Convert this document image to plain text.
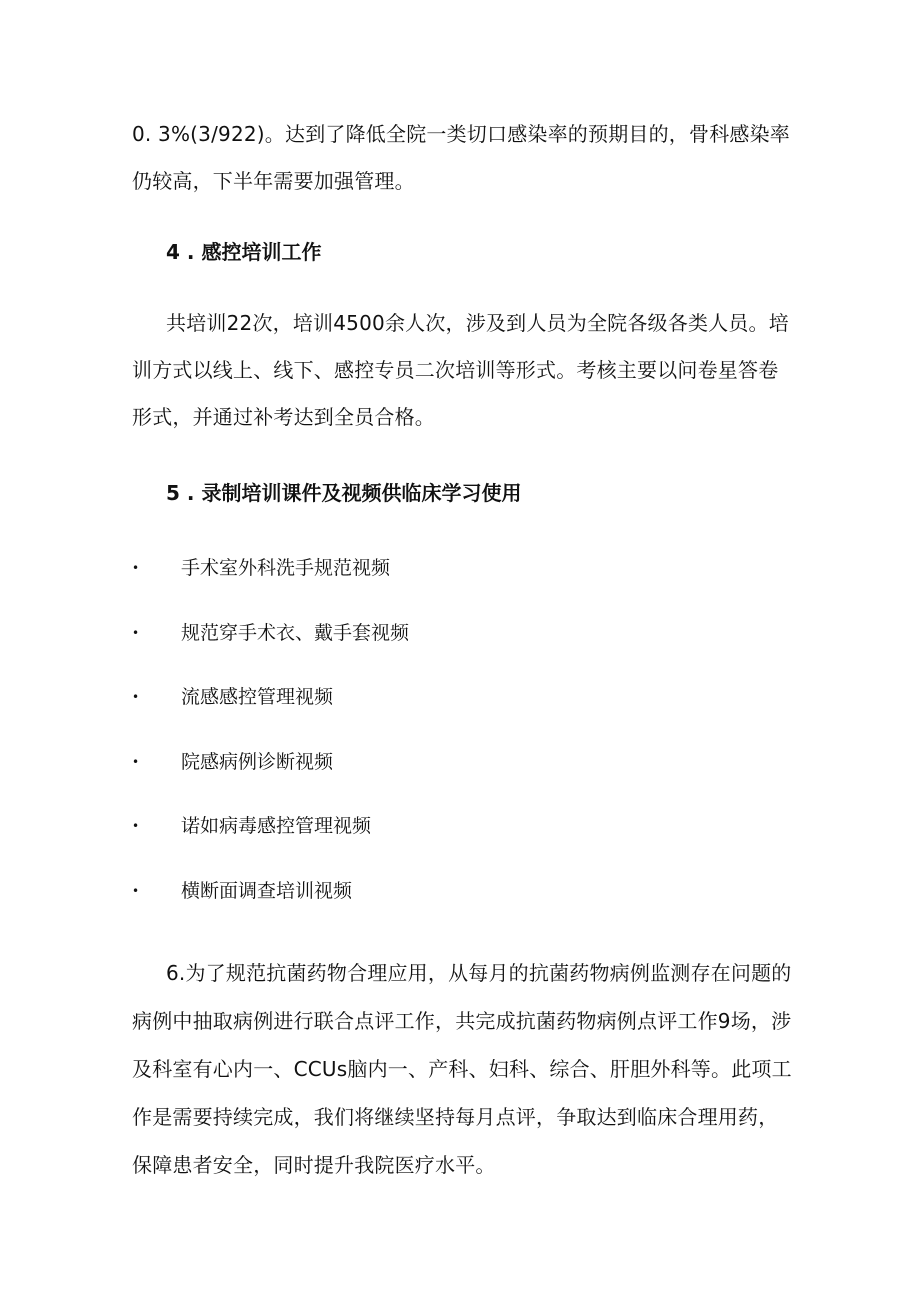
0. 3%(3/922)。达到了降低全院一类切口感染率的预期目的，骨科感染率仍较高，下半年需要加强管理。

4 . 感控培训工作

共培训22次，培训4500余人次，涉及到人员为全院各级各类人员。培训方式以线上、线下、感控专员二次培训等形式。考核主要以问卷星答卷形式，并通过补考达到全员合格。

5 . 录制培训课件及视频供临床学习使用
• 手术室外科洗手规范视频
• 规范穿手术衣、戴手套视频
• 流感感控管理视频
• 院感病例诊断视频
• 诺如病毒感控管理视频
• 横断面调查培训视频

6.为了规范抗菌药物合理应用，从每月的抗菌药物病例监测存在问题的病例中抽取病例进行联合点评工作，共完成抗菌药物病例点评工作9场，涉及科室有心内一、CCUs脑内一、产科、妇科、综合、肝胆外科等。此项工作是需要持续完成，我们将继续坚持每月点评，争取达到临床合理用药，保障患者安全，同时提升我院医疗水平。
